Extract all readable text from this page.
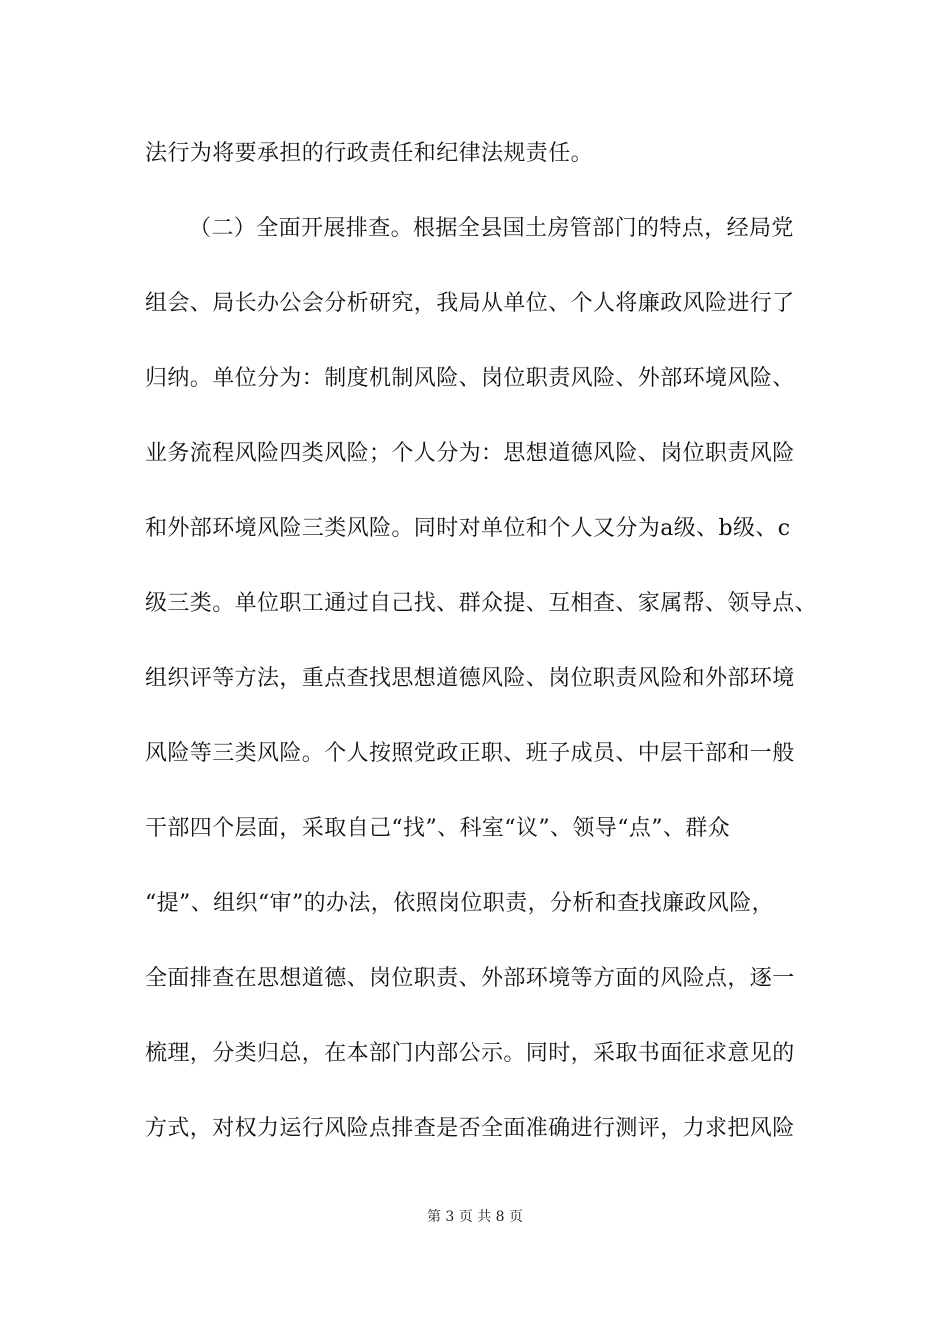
法行为将要承担的行政责任和纪律法规责任。
（二）全面开展排查。根据全县国土房管部门的特点，经局党
组会、局长办公会分析研究，我局从单位、个人将廉政风险进行了
归纳。单位分为：制度机制风险、岗位职责风险、外部环境风险、
业务流程风险四类风险；个人分为：思想道德风险、岗位职责风险
和外部环境风险三类风险。同时对单位和个人又分为a级、b级、c
级三类。单位职工通过自己找、群众提、互相查、家属帮、领导点、
组织评等方法，重点查找思想道德风险、岗位职责风险和外部环境
风险等三类风险。个人按照党政正职、班子成员、中层干部和一般
干部四个层面，采取自己“找”、科室“议”、领导“点”、群众
“提”、组织“审”的办法，依照岗位职责，分析和查找廉政风险，
全面排查在思想道德、岗位职责、外部环境等方面的风险点，逐一
梳理，分类归总，在本部门内部公示。同时，采取书面征求意见的
方式，对权力运行风险点排查是否全面准确进行测评，力求把风险
第 3 页 共 8 页
